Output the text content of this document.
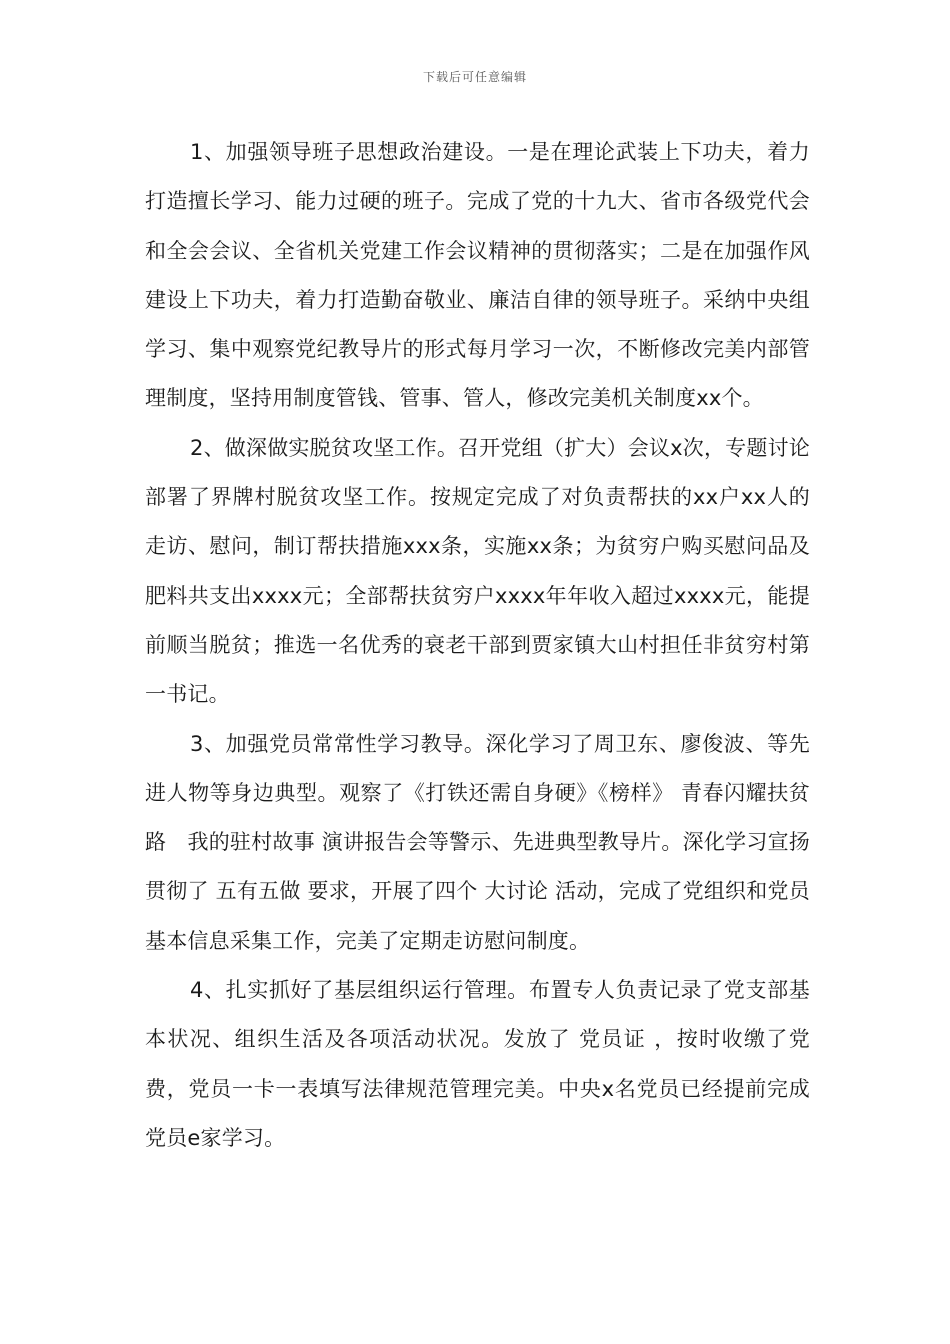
下载后可任意编辑

1、加强领导班子思想政治建设。一是在理论武装上下功夫，着力打造擅长学习、能力过硬的班子。完成了党的十九大、省市各级党代会和全会会议、全省机关党建工作会议精神的贯彻落实；二是在加强作风建设上下功夫，着力打造勤奋敬业、廉洁自律的领导班子。采纳中央组学习、集中观察党纪教导片的形式每月学习一次，不断修改完美内部管理制度，坚持用制度管钱、管事、管人，修改完美机关制度xx个。

2、做深做实脱贫攻坚工作。召开党组（扩大）会议x次，专题讨论部署了界牌村脱贫攻坚工作。按规定完成了对负责帮扶的xx户xx人的走访、慰问，制订帮扶措施xxx条，实施xx条；为贫穷户购买慰问品及肥料共支出xxxx元；全部帮扶贫穷户xxxx年年收入超过xxxx元，能提前顺当脱贫；推选一名优秀的衰老干部到贾家镇大山村担任非贫穷村第一书记。

3、加强党员常常性学习教导。深化学习了周卫东、廖俊波、等先进人物等身边典型。观察了《打铁还需自身硬》《榜样》 青春闪耀扶贫路　我的驻村故事 演讲报告会等警示、先进典型教导片。深化学习宣扬贯彻了 五有五做 要求，开展了四个 大讨论 活动，完成了党组织和党员基本信息采集工作，完美了定期走访慰问制度。

4、扎实抓好了基层组织运行管理。布置专人负责记录了党支部基本状况、组织生活及各项活动状况。发放了 党员证 ，按时收缴了党费，党员一卡一表填写法律规范管理完美。中央x名党员已经提前完成党员e家学习。
